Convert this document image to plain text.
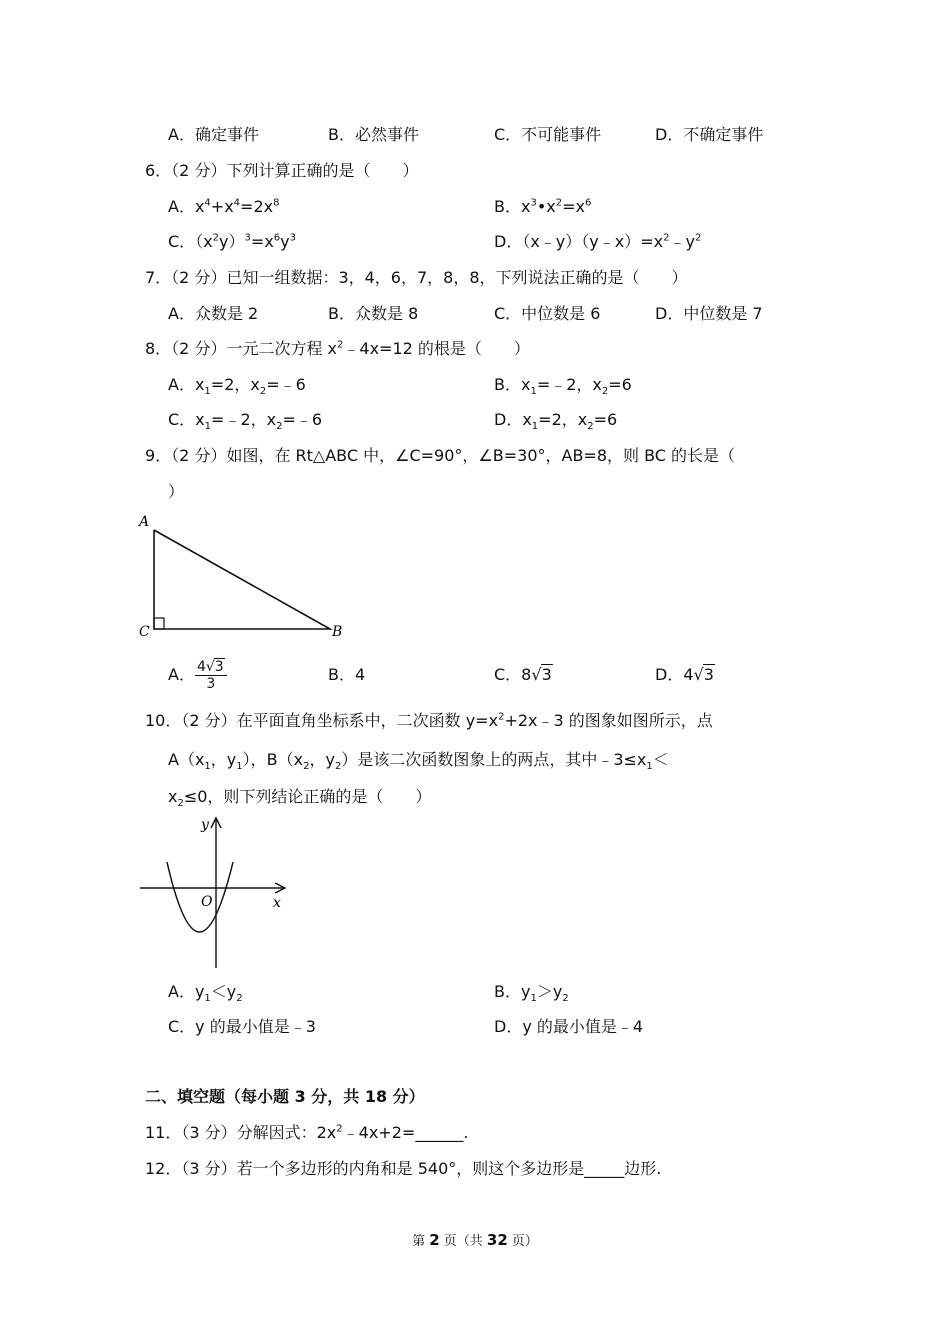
A．确定事件	B．必然事件	C．不可能事件	D．不确定事件
6．（2 分）下列计算正确的是（　　）
A．$x^4+x^4=2x^8$	B．$x^3•x^2=x^6$
C．$(x^2y)^3=x^6y^3$	D．$(x﹣y)(y﹣x)=x^2﹣y^2$
7．（2 分）已知一组数据：3，4，6，7，8，8，下列说法正确的是（　　）
A．众数是 2	B．众数是 8	C．中位数是 6	D．中位数是 7
8．（2 分）一元二次方程 $x^2﹣4x=12$ 的根是（　　）
A．$x_1=2$，$x_2=﹣6$	B．$x_1=﹣2$，$x_2=6$
C．$x_1=﹣2$，$x_2=﹣6$	D．$x_1=2$，$x_2=6$
9．（2 分）如图，在 Rt△ABC 中，∠C=90°，∠B=30°，AB=8，则 BC 的长是（
）
A
C	B
A． $\frac{4√3}{3}$	B．4	C．8√3	D．4√3
10．（2 分）在平面直角坐标系中，二次函数 $y=x^2+2x﹣3$ 的图象如图所示，点
$A(x_1$，$y_1$），$B(x_2$，$y_2$）是该二次函数图象上的两点，其中$﹣3\le x_1<$
$x_2\le 0$，则下列结论正确的是（　　）
y
x
O
A．$y_1<y_2$	B．$y_1>y_2$
C．y 的最小值是﹣3	D．y 的最小值是﹣4
二、填空题（每小题 3 分，共 18 分）
11．（3 分）分解因式：$2x^2﹣4x+2=\_\_\_\_\_\_$.
12．（3 分）若一个多边形的内角和是 540°，则这个多边形是_____边形.
第 2 页（共 32 页）
